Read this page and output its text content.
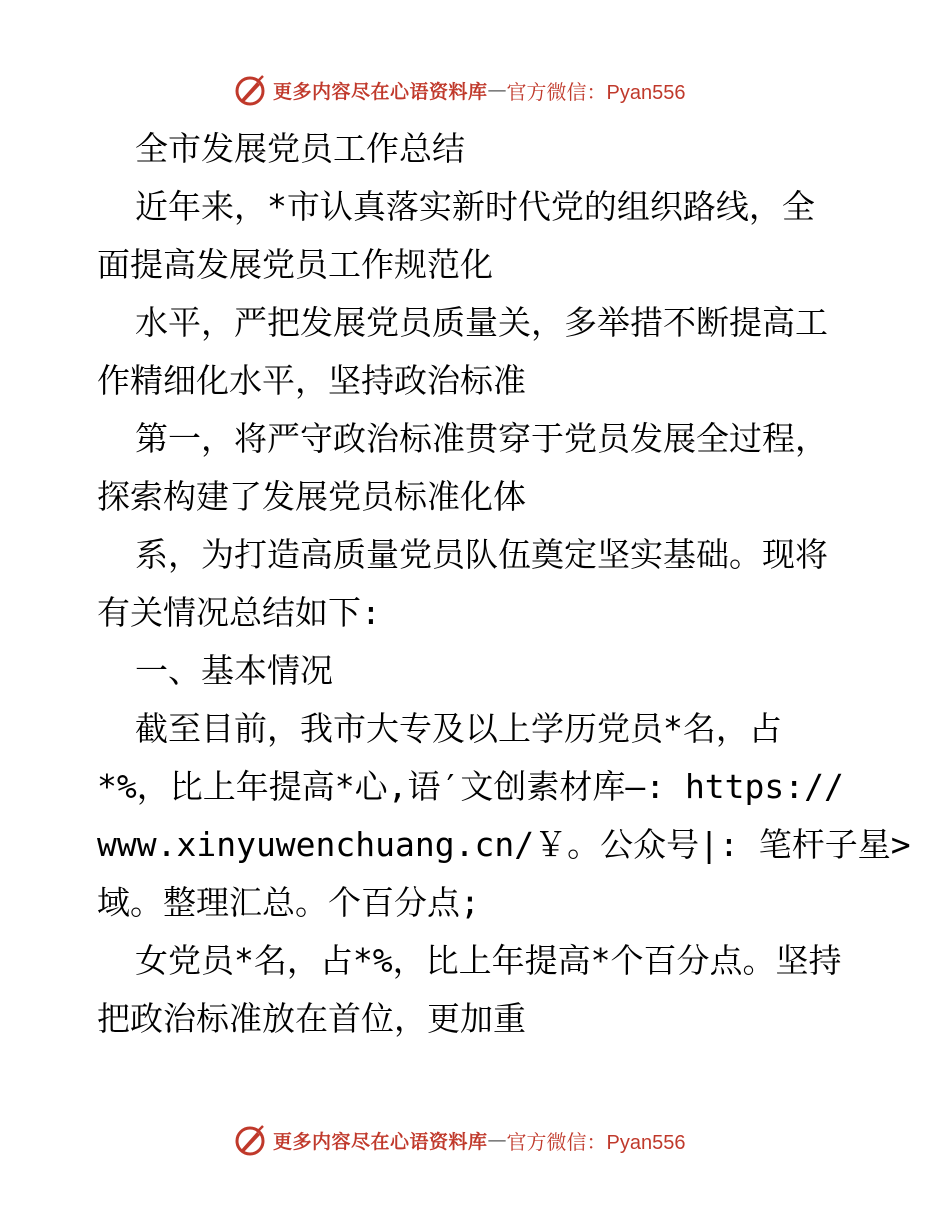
更多内容尽在心语资料库 — 官方微信：Pyan556
全市发展党员工作总结
近年来，*市认真落实新时代党的组织路线，全
面提高发展党员工作规范化
水平，严把发展党员质量关，多举措不断提高工
作精细化水平，坚持政治标准
第一，将严守政治标准贯穿于党员发展全过程，
探索构建了发展党员标准化体
系，为打造高质量党员队伍奠定坚实基础。现将
有关情况总结如下:
一、基本情况
截至目前，我市大专及以上学历党员*名，占
*%，比上年提高*心,语′文创素材库—: https://
www.xinyuwenchuang.cn/￥。公众号|: 笔杆子星>
域。整理汇总。个百分点;
女党员*名，占*%，比上年提高*个百分点。坚持
把政治标准放在首位，更加重
更多内容尽在心语资料库 — 官方微信：Pyan556
